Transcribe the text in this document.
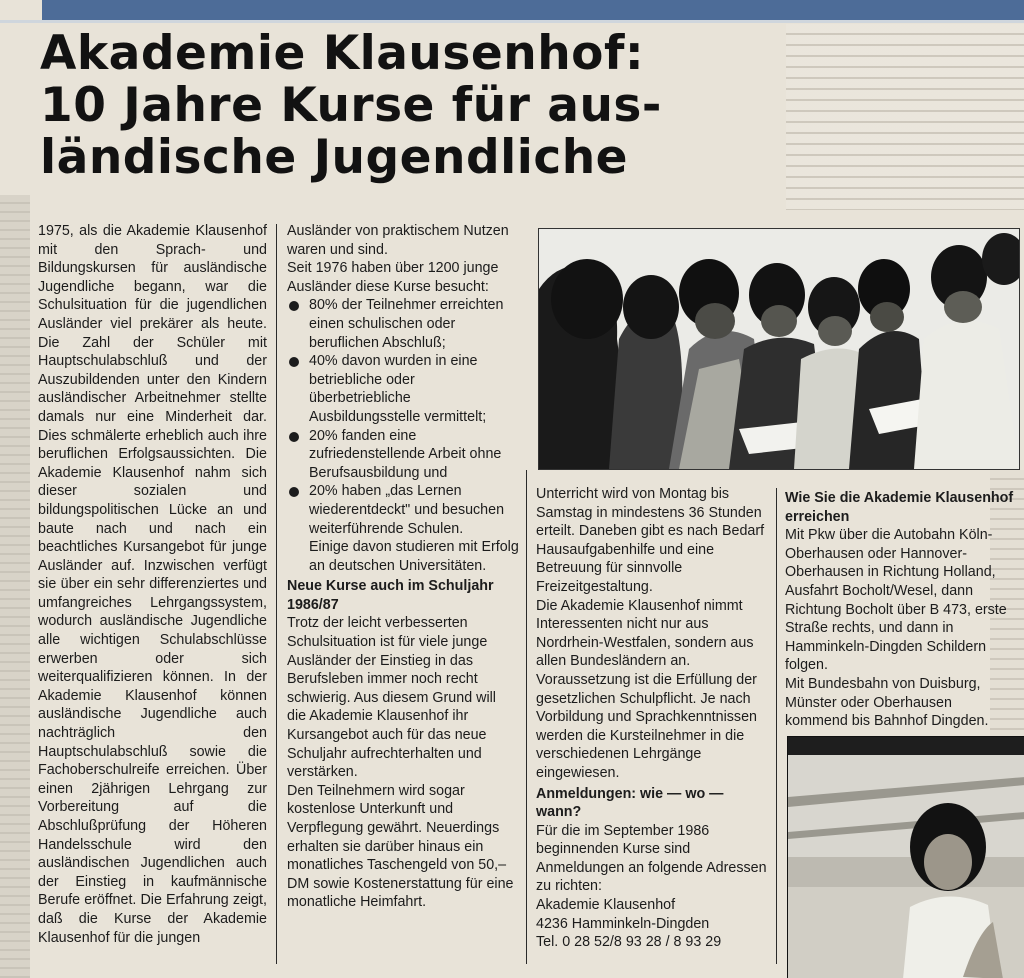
Akademie Klausenhof:
10 Jahre Kurse für aus-
ländische Jugendliche

1975, als die Akademie Klausenhof mit den Sprach- und Bildungskursen für ausländische Jugendliche begann, war die Schulsituation für die jugendlichen Ausländer viel prekärer als heute. Die Zahl der Schüler mit Hauptschulabschluß und der Auszubildenden unter den Kindern ausländischer Arbeitnehmer stellte damals nur eine Minderheit dar. Dies schmälerte erheblich auch ihre beruflichen Erfolgsaussichten. Die Akademie Klausenhof nahm sich dieser sozialen und bildungspolitischen Lücke an und baute nach und nach ein beachtliches Kursangebot für junge Ausländer auf. Inzwischen verfügt sie über ein sehr differenziertes und umfangreiches Lehrgangssystem, wodurch ausländische Jugendliche alle wichtigen Schulabschlüsse erwerben oder sich weiterqualifizieren können. In der Akademie Klausenhof können ausländische Jugendliche auch nachträglich den Hauptschulabschluß sowie die Fachoberschulreife erreichen. Über einen 2jährigen Lehrgang zur Vorbereitung auf die Abschlußprüfung der Höheren Handelsschule wird den ausländischen Jugendlichen auch der Einstieg in kaufmännische Berufe eröffnet. Die Erfahrung zeigt, daß die Kurse der Akademie Klausenhof für die jungen

Ausländer von praktischem Nutzen waren und sind.

Seit 1976 haben über 1200 junge Ausländer diese Kurse besucht:

80% der Teilnehmer erreichten einen schulischen oder beruflichen Abschluß;
40% davon wurden in eine betriebliche oder überbetriebliche Ausbildungsstelle vermittelt;
20% fanden eine zufriedenstellende Arbeit ohne Berufsausbildung und
20% haben „das Lernen wiederentdeckt" und besuchen weiterführende Schulen.

Einige davon studieren mit Erfolg an deutschen Universitäten.

Neue Kurse auch im Schuljahr 1986/87

Trotz der leicht verbesserten Schulsituation ist für viele junge Ausländer der Einstieg in das Berufsleben immer noch recht schwierig. Aus diesem Grund will die Akademie Klausenhof ihr Kursangebot auch für das neue Schuljahr aufrechterhalten und verstärken.

Den Teilnehmern wird sogar kostenlose Unterkunft und Verpflegung gewährt. Neuerdings erhalten sie darüber hinaus ein monatliches Taschengeld von 50,– DM sowie Kostenerstattung für eine monatliche Heimfahrt.

Unterricht wird von Montag bis Samstag in mindestens 36 Stunden erteilt. Daneben gibt es nach Bedarf Hausaufgabenhilfe und eine Betreuung für sinnvolle Freizeitgestaltung.

Die Akademie Klausenhof nimmt Interessenten nicht nur aus Nordrhein-Westfalen, sondern aus allen Bundesländern an. Voraussetzung ist die Erfüllung der gesetzlichen Schulpflicht. Je nach Vorbildung und Sprachkenntnissen werden die Kursteilnehmer in die verschiedenen Lehrgänge eingewiesen.

Anmeldungen: wie — wo — wann?

Für die im September 1986 beginnenden Kurse sind Anmeldungen an folgende Adressen zu richten:

Akademie Klausenhof

4236 Hamminkeln-Dingden

Tel. 0 28 52/8 93 28 / 8 93 29

Wie Sie die Akademie Klausenhof erreichen

Mit Pkw über die Autobahn Köln-Oberhausen oder Hannover-Oberhausen in Richtung Holland, Ausfahrt Bocholt/Wesel, dann Richtung Bocholt über B 473, erste Straße rechts, und dann in Hamminkeln-Dingden Schildern folgen.

Mit Bundesbahn von Duisburg, Münster oder Oberhausen kommend bis Bahnhof Dingden.
